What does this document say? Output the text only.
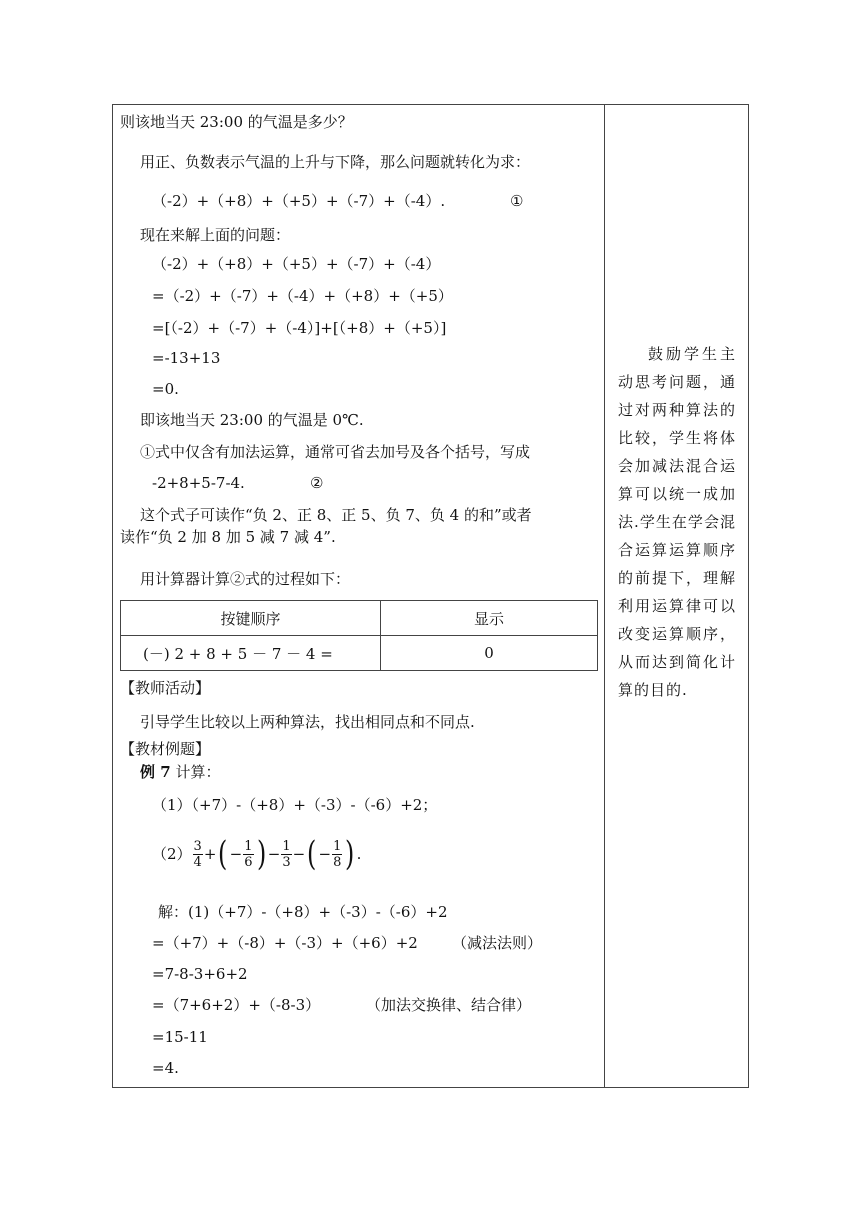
则该地当天 23:00 的气温是多少？
用正、负数表示气温的上升与下降，那么问题就转化为求：
（-2）+（+8）+（+5）+（-7）+（-4）.	①
现在来解上面的问题：
（-2）+（+8）+（+5）+（-7）+（-4）
=（-2）+（-7）+（-4）+（+8）+（+5）
=[（-2）+（-7）+（-4）]+[（+8）+（+5）]
=-13+13
=0.
即该地当天 23:00 的气温是 0℃.
①式中仅含有加法运算，通常可省去加号及各个括号，写成
-2+8+5-7-4.	②
这个式子可读作“负 2、正 8、正 5、负 7、负 4 的和”或者
读作“负 2 加 8 加 5 减 7 减 4”.
用计算器计算②式的过程如下：
按键顺序	显示
(－) 2 + 8 + 5 － 7 － 4 =	0
【教师活动】
引导学生比较以上两种算法，找出相同点和不同点.
【教材例题】
例 7 计算：
（1）（+7）-（+8）+（-3）-（-6）+2；
$(2) \frac{3}{4}$ +( − $\frac{1}{6}$ ) − $\frac{1}{3}$ −( − $\frac{1}{8}$ ) .
解：(1)（+7）-（+8）+（-3）-（-6）+2
=（+7）+（-8）+（-3）+（+6）+2 （减法法则）
=7-8-3+6+2
=（7+6+2）+（-8-3）	（加法交换律、结合律）
=15-11
=4.
鼓励学生主动思考问题，通过对两种算法的比较，学生将体会加减法混合运算可以统一成加法.学生在学会混合运算运算顺序的前提下，理解利用运算律可以改变运算顺序，从而达到简化计算的目的.
